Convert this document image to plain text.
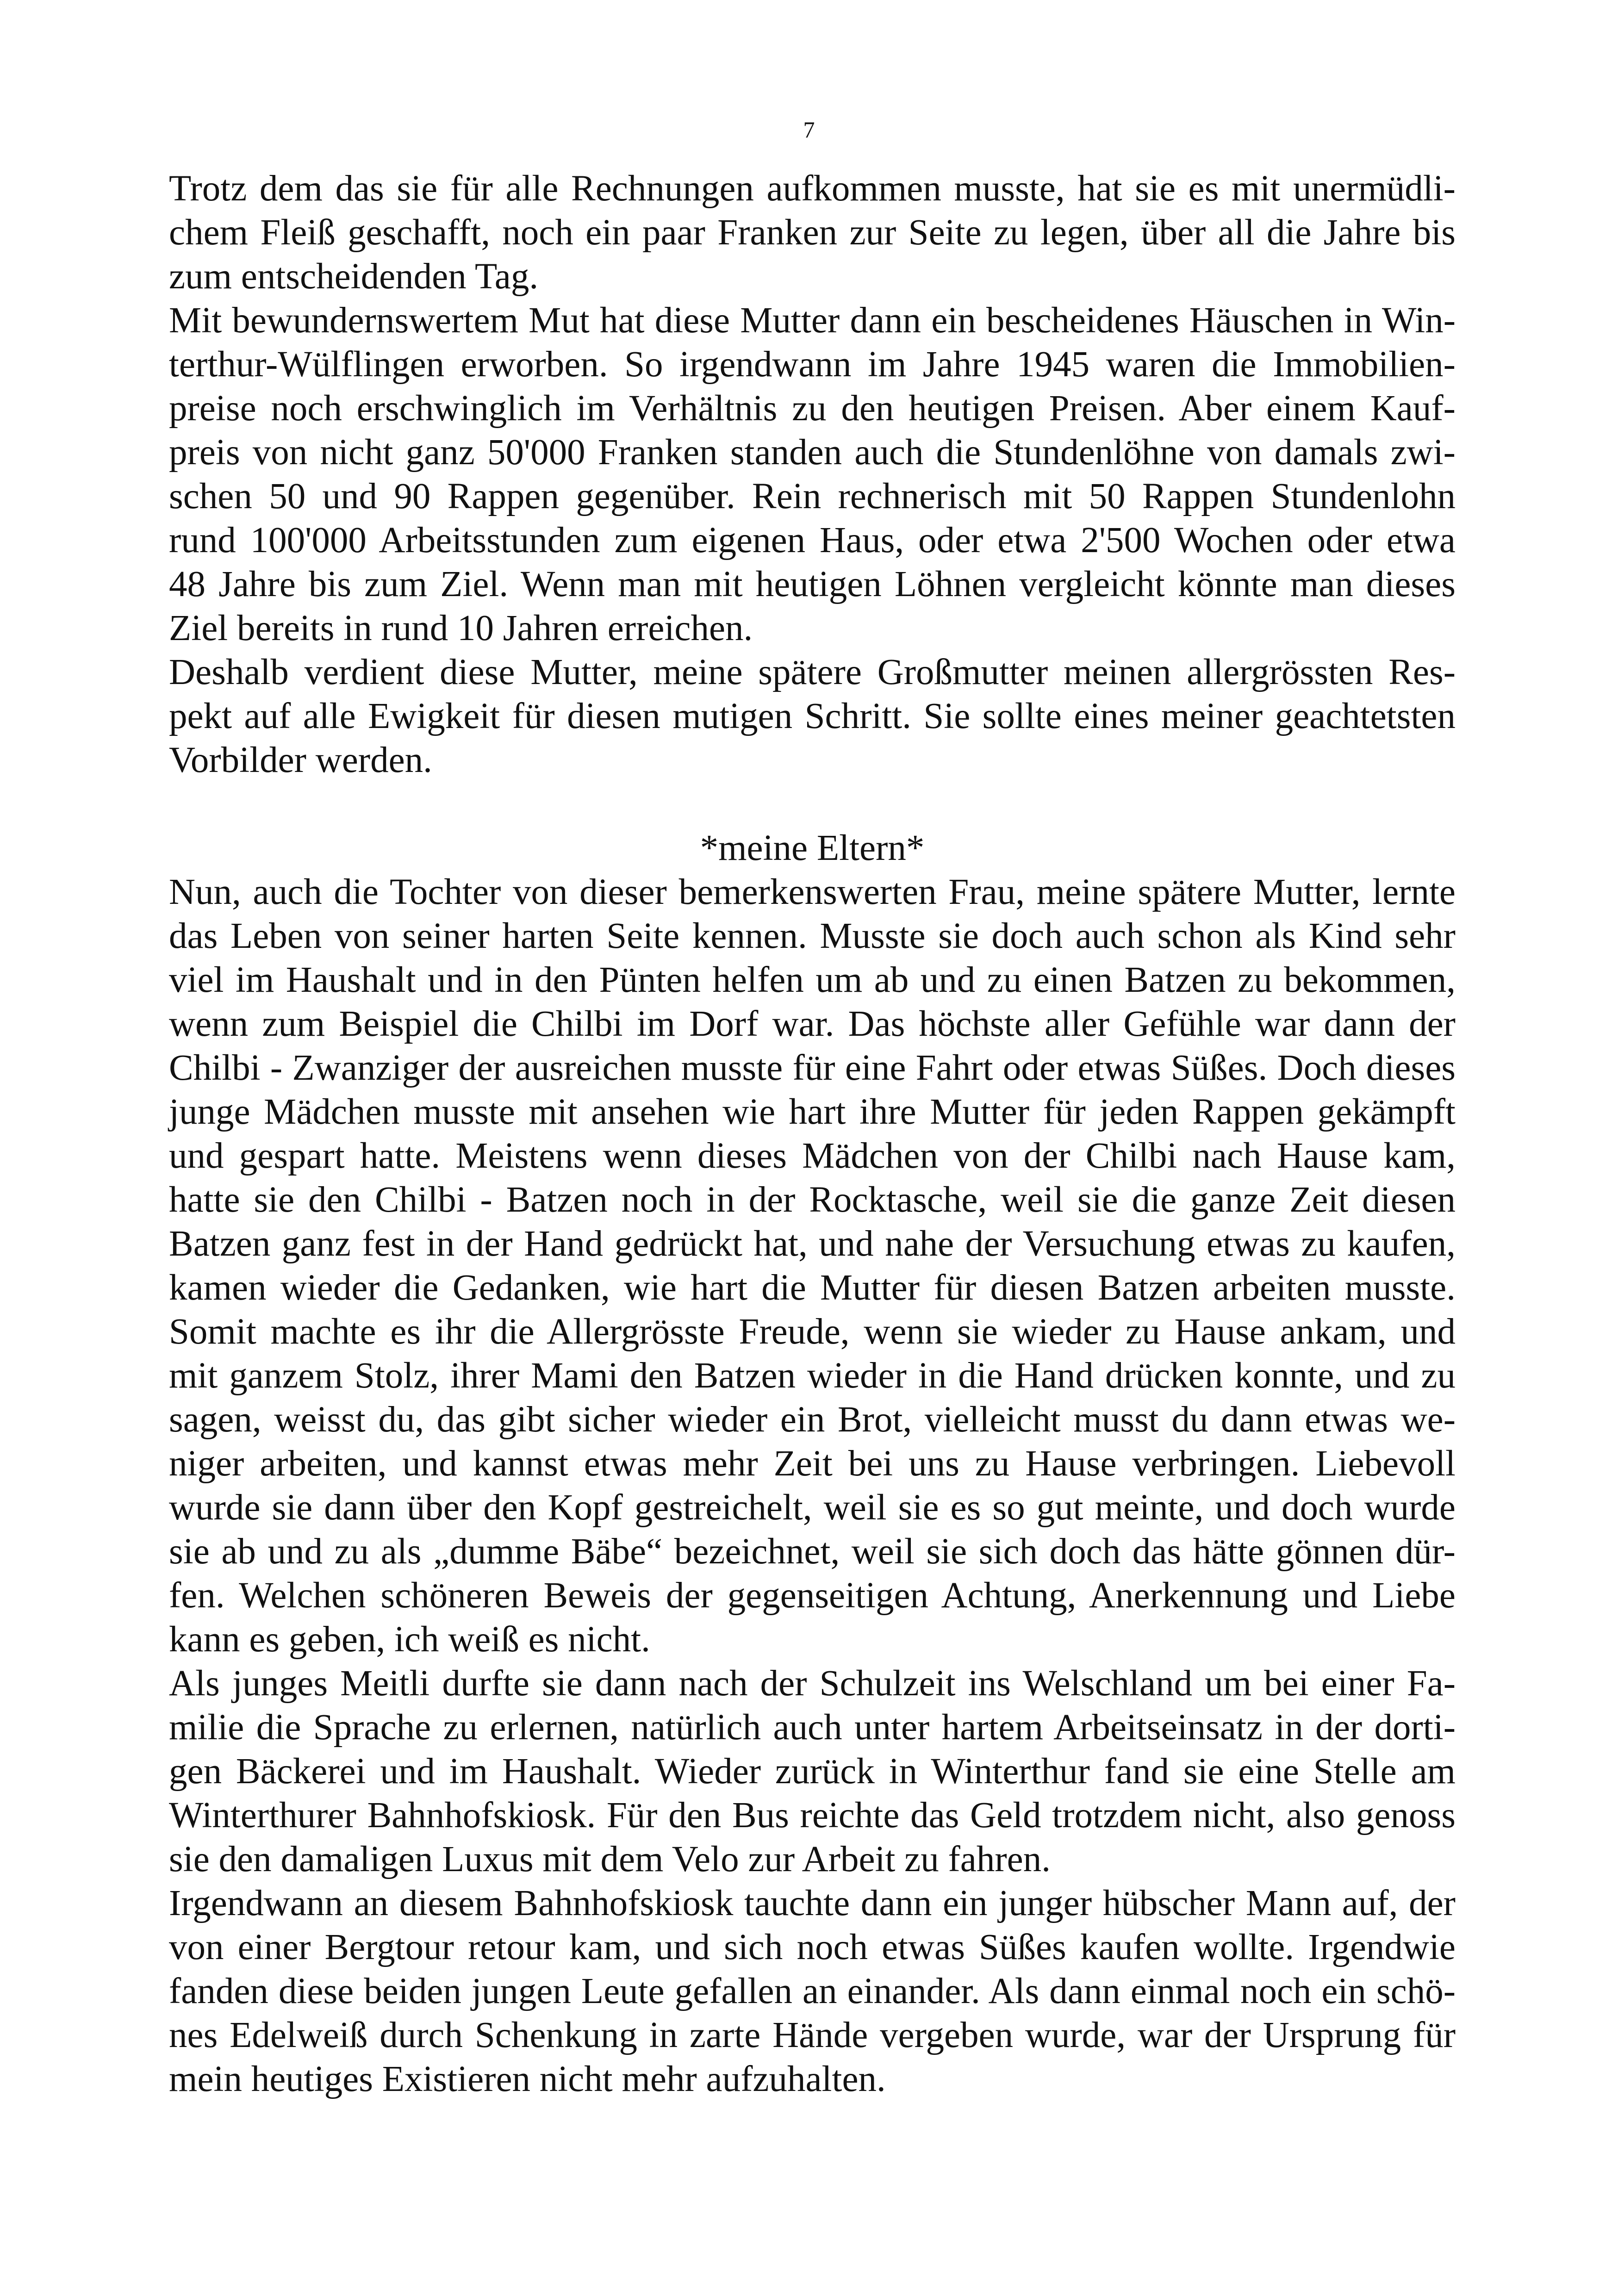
7
Trotz dem das sie für alle Rechnungen aufkommen musste, hat sie es mit unermüdli-
chem Fleiß geschafft, noch ein paar Franken zur Seite zu legen, über all die Jahre bis
zum entscheidenden Tag.
Mit bewundernswertem Mut hat diese Mutter dann ein bescheidenes Häuschen in Win-
terthur-Wülflingen erworben. So irgendwann im Jahre 1945 waren die Immobilien-
preise noch erschwinglich im Verhältnis zu den heutigen Preisen. Aber einem Kauf-
preis von nicht ganz 50'000 Franken standen auch die Stundenlöhne von damals zwi-
schen 50 und 90 Rappen gegenüber. Rein rechnerisch mit 50 Rappen Stundenlohn
rund 100'000 Arbeitsstunden zum eigenen Haus, oder etwa 2'500 Wochen oder etwa
48 Jahre bis zum Ziel. Wenn man mit heutigen Löhnen vergleicht könnte man dieses
Ziel bereits in rund 10 Jahren erreichen.
Deshalb verdient diese Mutter, meine spätere Großmutter meinen allergrössten Res-
pekt auf alle Ewigkeit für diesen mutigen Schritt. Sie sollte eines meiner geachtetsten
Vorbilder werden.
*meine Eltern*
Nun, auch die Tochter von dieser bemerkenswerten Frau, meine spätere Mutter, lernte
das Leben von seiner harten Seite kennen. Musste sie doch auch schon als Kind sehr
viel im Haushalt und in den Pünten helfen um ab und zu einen Batzen zu bekommen,
wenn zum Beispiel die Chilbi im Dorf war. Das höchste aller Gefühle war dann der
Chilbi - Zwanziger der ausreichen musste für eine Fahrt oder etwas Süßes. Doch dieses
junge Mädchen musste mit ansehen wie hart ihre Mutter für jeden Rappen gekämpft
und gespart hatte. Meistens wenn dieses Mädchen von der Chilbi nach Hause kam,
hatte sie den Chilbi - Batzen noch in der Rocktasche, weil sie die ganze Zeit diesen
Batzen ganz fest in der Hand gedrückt hat, und nahe der Versuchung etwas zu kaufen,
kamen wieder die Gedanken, wie hart die Mutter für diesen Batzen arbeiten musste.
Somit machte es ihr die Allergrösste Freude, wenn sie wieder zu Hause ankam, und
mit ganzem Stolz, ihrer Mami den Batzen wieder in die Hand drücken konnte, und zu
sagen, weisst du, das gibt sicher wieder ein Brot, vielleicht musst du dann etwas we-
niger arbeiten, und kannst etwas mehr Zeit bei uns zu Hause verbringen. Liebevoll
wurde sie dann über den Kopf gestreichelt, weil sie es so gut meinte, und doch wurde
sie ab und zu als „dumme Bäbe“ bezeichnet, weil sie sich doch das hätte gönnen dür-
fen. Welchen schöneren Beweis der gegenseitigen Achtung, Anerkennung und Liebe
kann es geben, ich weiß es nicht.
Als junges Meitli durfte sie dann nach der Schulzeit ins Welschland um bei einer Fa-
milie die Sprache zu erlernen, natürlich auch unter hartem Arbeitseinsatz in der dorti-
gen Bäckerei und im Haushalt. Wieder zurück in Winterthur fand sie eine Stelle am
Winterthurer Bahnhofskiosk. Für den Bus reichte das Geld trotzdem nicht, also genoss
sie den damaligen Luxus mit dem Velo zur Arbeit zu fahren.
Irgendwann an diesem Bahnhofskiosk tauchte dann ein junger hübscher Mann auf, der
von einer Bergtour retour kam, und sich noch etwas Süßes kaufen wollte. Irgendwie
fanden diese beiden jungen Leute gefallen an einander. Als dann einmal noch ein schö-
nes Edelweiß durch Schenkung in zarte Hände vergeben wurde, war der Ursprung für
mein heutiges Existieren nicht mehr aufzuhalten.
